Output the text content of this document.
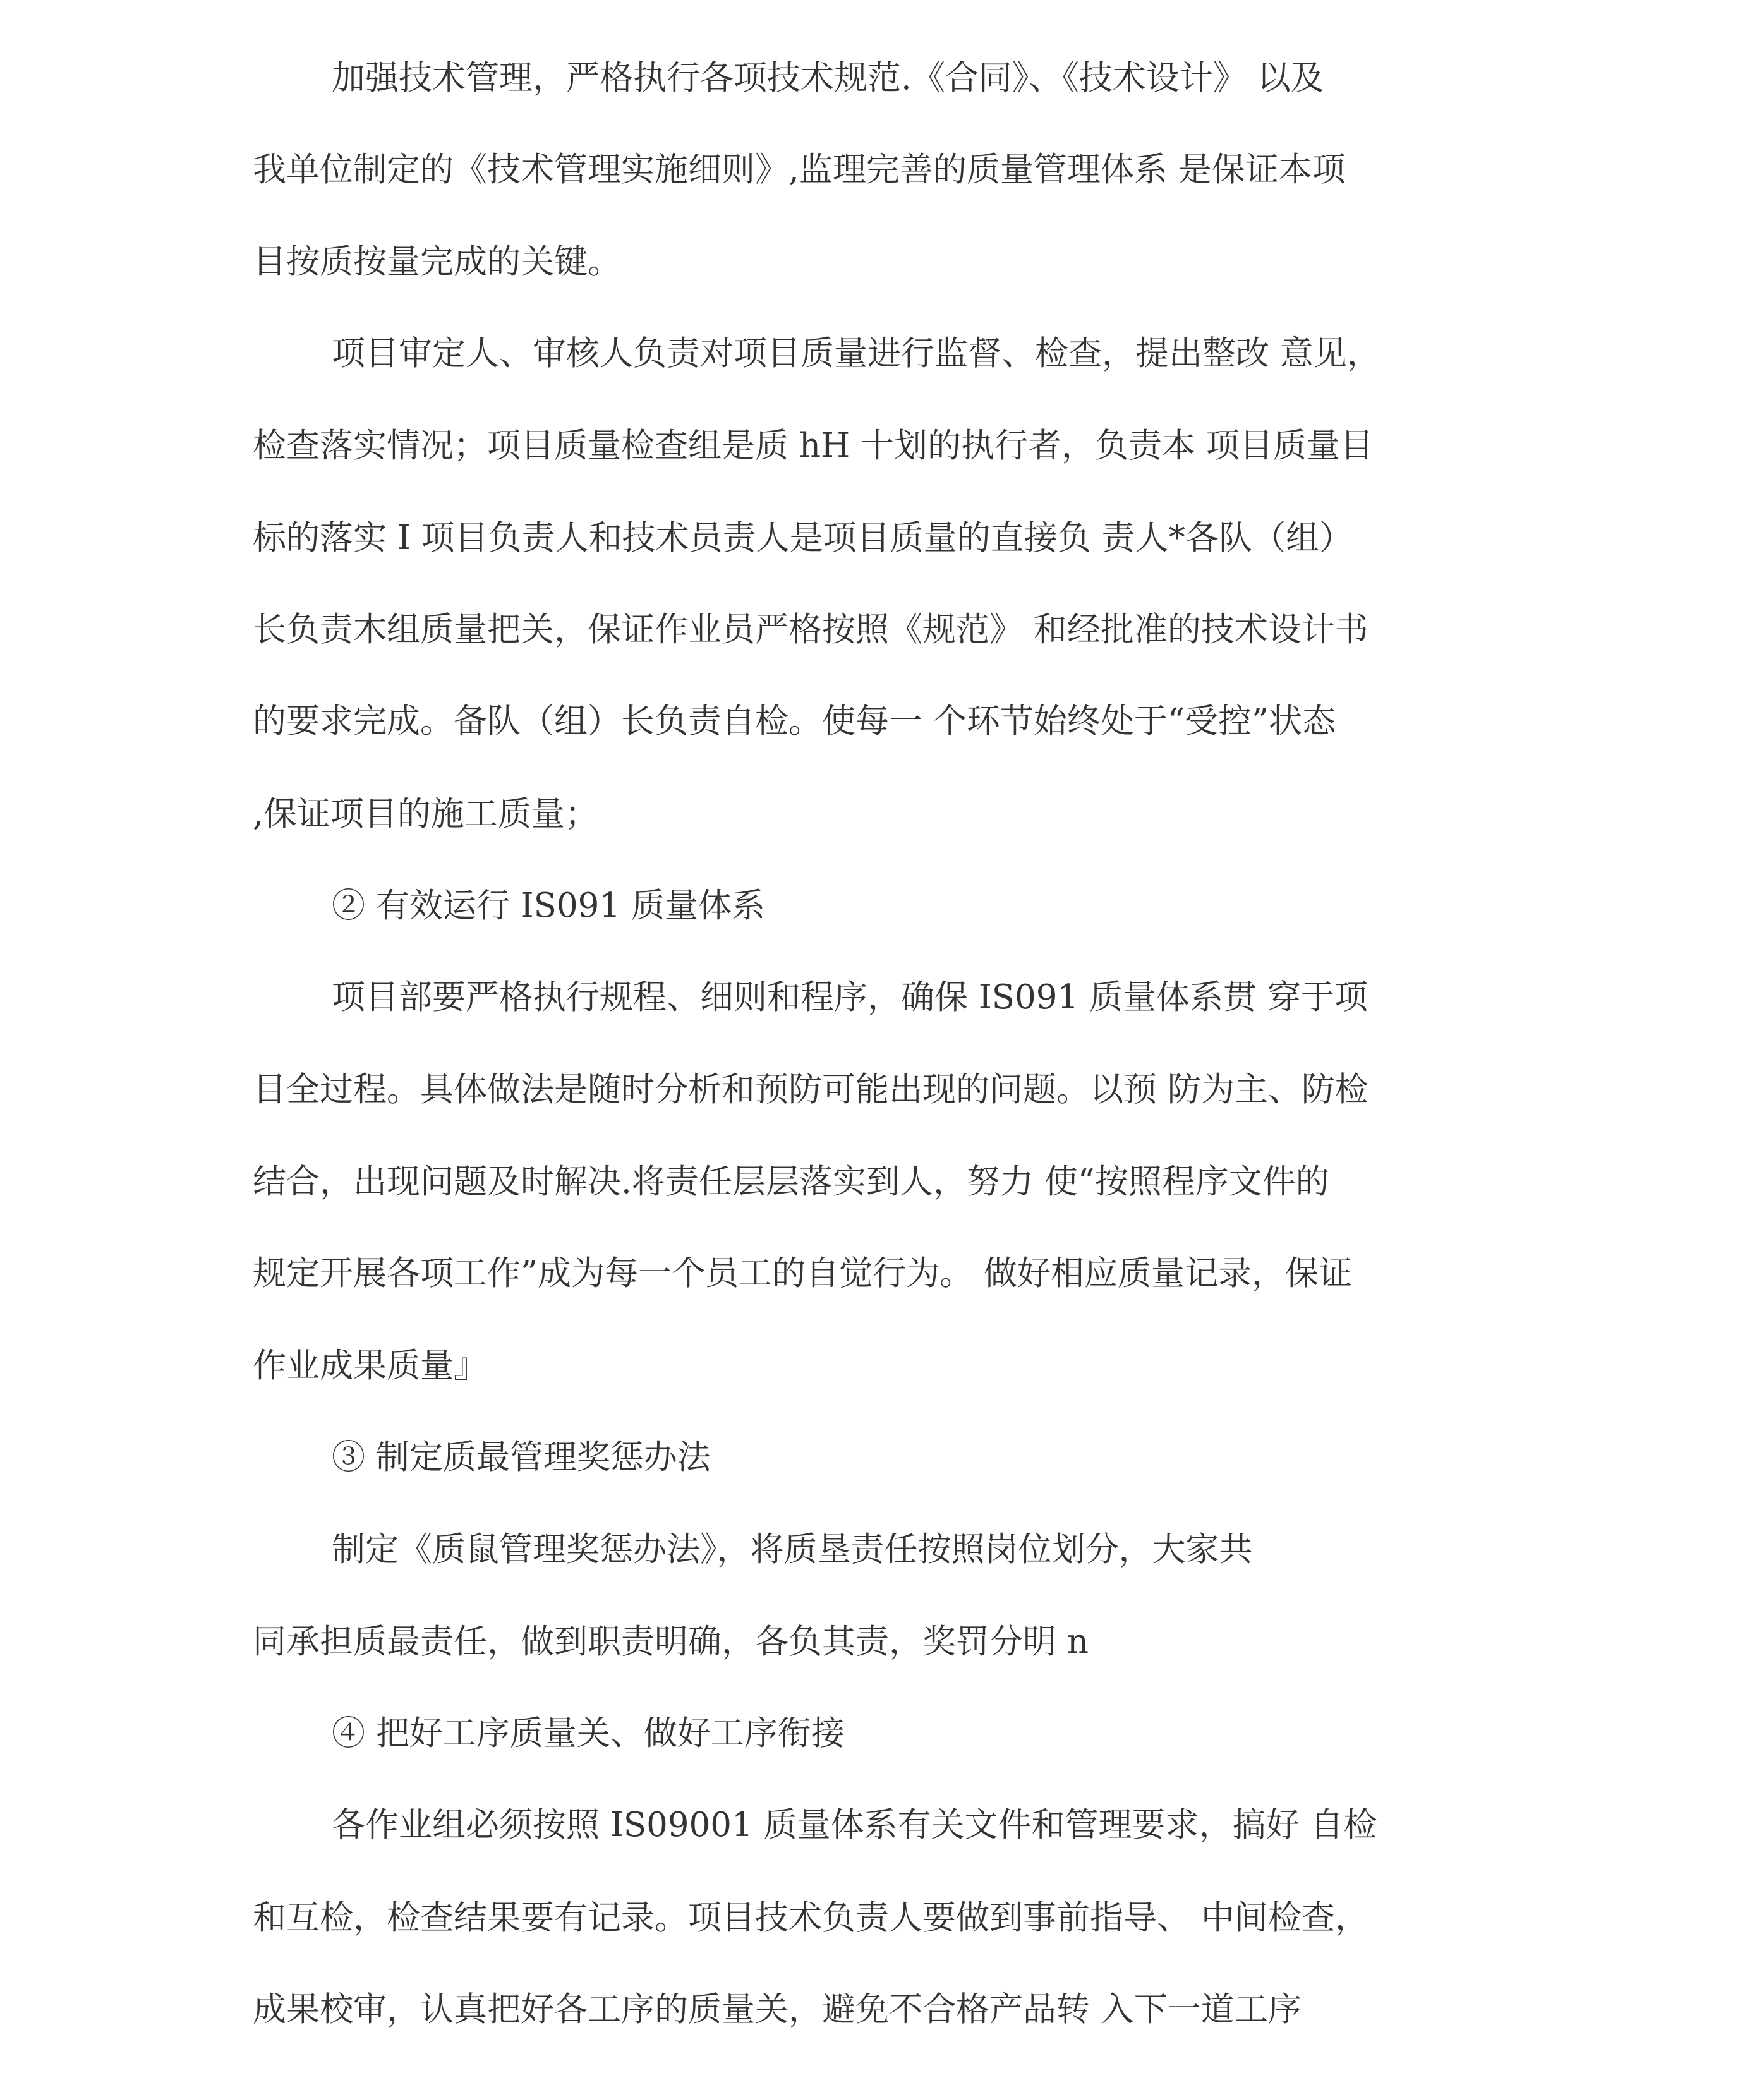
加强技术管理，严格执行各项技术规范.《合同》、《技术设计》 以及
我单位制定的《技术管理实施细则》,监理完善的质量管理体系 是保证本项
目按质按量完成的关键。
项目审定人、审核人负责对项目质量进行监督、检查，提出整改 意见，
检查落实情况；项目质量检查组是质 hH 十划的执行者，负责本 项目质量目
标的落实 I 项目负责人和技术员责人是项目质量的直接负 责人*各队（组）
长负责木组质量把关，保证作业员严格按照《规范》 和经批准的技术设计书
的要求完成。备队（组）长负责自检。使每一 个环节始终处于“受控”状态
,保证项目的施工质量；
② 有效运行 IS091 质量体系
项目部要严格执行规程、细则和程序，确保 IS091 质量体系贯 穿于项
目全过程。具体做法是随时分析和预防可能出现的问题。以预 防为主、防检
结合，出现问题及时解决.将责任层层落实到人，努力 使“按照程序文件的
规定开展各项工作”成为每一个员工的自觉行为。 做好相应质量记录，保证
作业成果质量』
③ 制定质最管理奖惩办法
制定《质鼠管理奖惩办法》，将质垦责任按照岗位划分，大家共
同承担质最责任，做到职责明确，各负其责，奖罚分明 n
④ 把好工序质量关、做好工序衔接
各作业组必须按照 IS09001 质量体系有关文件和管理要求，搞好 自检
和互检，检查结果要有记录。项目技术负责人要做到事前指导、 中间检查，
成果校审，认真把好各工序的质量关，避免不合格产品转 入下一道工序
